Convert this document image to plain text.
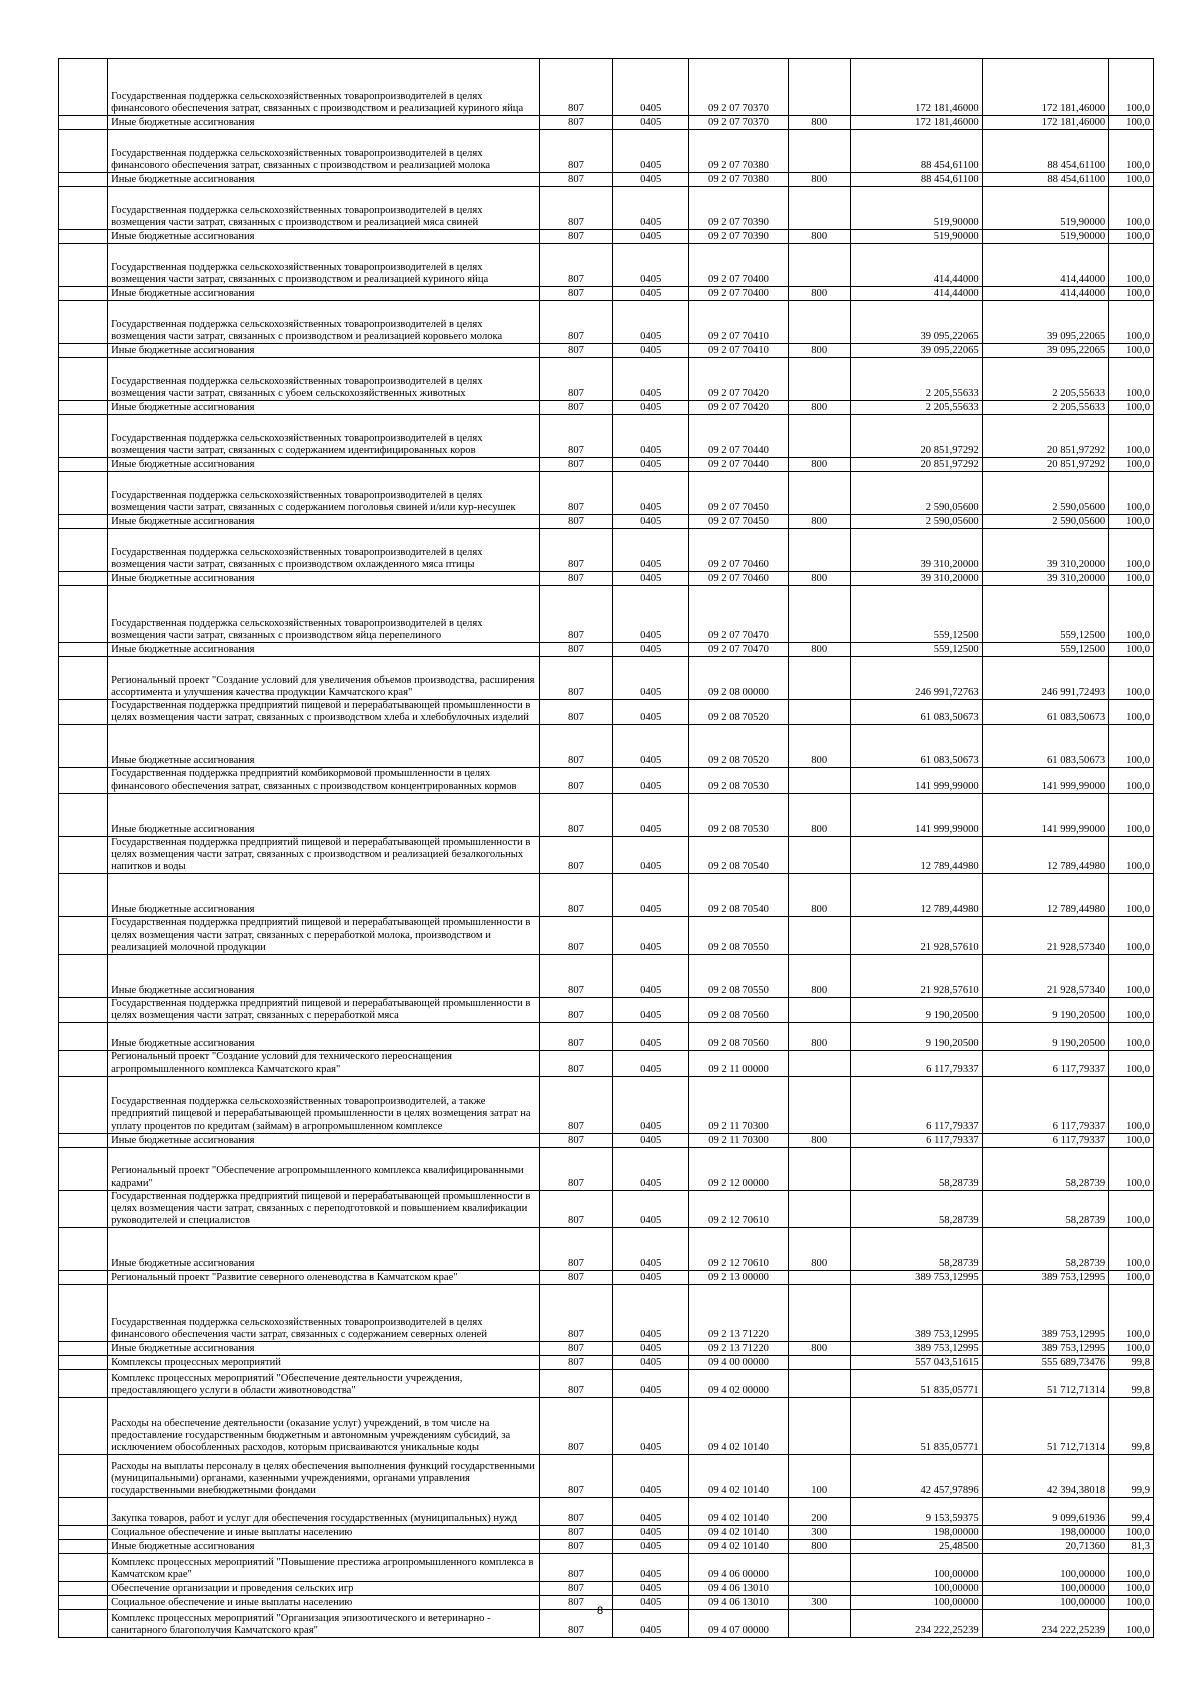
	Государственная поддержка сельскохозяйственных товаропроизводителей в целях финансового обеспечения затрат, связанных с производством и реализацией куриного яйца	807	0405	09 2 07 70370		172 181,46000	172 181,46000	100,0
	Иные бюджетные ассигнования	807	0405	09 2 07 70370	800	172 181,46000	172 181,46000	100,0
	Государственная поддержка сельскохозяйственных товаропроизводителей в целях финансового обеспечения затрат, связанных с производством и реализацией молока	807	0405	09 2 07 70380		88 454,61100	88 454,61100	100,0
	Иные бюджетные ассигнования	807	0405	09 2 07 70380	800	88 454,61100	88 454,61100	100,0
	Государственная поддержка сельскохозяйственных товаропроизводителей в целях возмещения части затрат, связанных с производством и реализацией мяса свиней	807	0405	09 2 07 70390		519,90000	519,90000	100,0
	Иные бюджетные ассигнования	807	0405	09 2 07 70390	800	519,90000	519,90000	100,0
	Государственная поддержка сельскохозяйственных товаропроизводителей в целях возмещения части затрат, связанных с производством и реализацией куриного яйца	807	0405	09 2 07 70400		414,44000	414,44000	100,0
	Иные бюджетные ассигнования	807	0405	09 2 07 70400	800	414,44000	414,44000	100,0
	Государственная поддержка сельскохозяйственных товаропроизводителей в целях возмещения части затрат, связанных с производством и реализацией коровьего молока	807	0405	09 2 07 70410		39 095,22065	39 095,22065	100,0
	Иные бюджетные ассигнования	807	0405	09 2 07 70410	800	39 095,22065	39 095,22065	100,0
	Государственная поддержка сельскохозяйственных товаропроизводителей в целях возмещения части затрат, связанных с убоем сельскохозяйственных животных	807	0405	09 2 07 70420		2 205,55633	2 205,55633	100,0
	Иные бюджетные ассигнования	807	0405	09 2 07 70420	800	2 205,55633	2 205,55633	100,0
	Государственная поддержка сельскохозяйственных товаропроизводителей в целях возмещения части затрат, связанных с содержанием идентифицированных коров	807	0405	09 2 07 70440		20 851,97292	20 851,97292	100,0
	Иные бюджетные ассигнования	807	0405	09 2 07 70440	800	20 851,97292	20 851,97292	100,0
	Государственная поддержка сельскохозяйственных товаропроизводителей в целях возмещения части затрат, связанных с содержанием поголовья свиней и/или кур-несушек	807	0405	09 2 07 70450		2 590,05600	2 590,05600	100,0
	Иные бюджетные ассигнования	807	0405	09 2 07 70450	800	2 590,05600	2 590,05600	100,0
	Государственная поддержка сельскохозяйственных товаропроизводителей в целях возмещения части затрат, связанных с производством охлажденного мяса птицы	807	0405	09 2 07 70460		39 310,20000	39 310,20000	100,0
	Иные бюджетные ассигнования	807	0405	09 2 07 70460	800	39 310,20000	39 310,20000	100,0
	Государственная поддержка сельскохозяйственных товаропроизводителей в целях возмещения части затрат, связанных с производством яйца перепелиного	807	0405	09 2 07 70470		559,12500	559,12500	100,0
	Иные бюджетные ассигнования	807	0405	09 2 07 70470	800	559,12500	559,12500	100,0
	Региональный проект "Создание условий для увеличения объемов производства, расширения ассортимента и улучшения качества продукции Камчатского края"	807	0405	09 2 08 00000		246 991,72763	246 991,72493	100,0
	Государственная поддержка предприятий пищевой и перерабатывающей промышленности в целях возмещения части затрат, связанных с производством хлеба и хлебобулочных изделий	807	0405	09 2 08 70520		61 083,50673	61 083,50673	100,0
	Иные бюджетные ассигнования	807	0405	09 2 08 70520	800	61 083,50673	61 083,50673	100,0
	Государственная поддержка предприятий комбикормовой промышленности в целях финансового обеспечения затрат, связанных с производством концентрированных кормов	807	0405	09 2 08 70530		141 999,99000	141 999,99000	100,0
	Иные бюджетные ассигнования	807	0405	09 2 08 70530	800	141 999,99000	141 999,99000	100,0
	Государственная поддержка предприятий пищевой и перерабатывающей промышленности в целях возмещения части затрат, связанных с производством и реализацией безалкогольных напитков и воды	807	0405	09 2 08 70540		12 789,44980	12 789,44980	100,0
	Иные бюджетные ассигнования	807	0405	09 2 08 70540	800	12 789,44980	12 789,44980	100,0
	Государственная поддержка предприятий пищевой и перерабатывающей промышленности в целях возмещения части затрат, связанных с переработкой молока, производством и реализацией молочной продукции	807	0405	09 2 08 70550		21 928,57610	21 928,57340	100,0
	Иные бюджетные ассигнования	807	0405	09 2 08 70550	800	21 928,57610	21 928,57340	100,0
	Государственная поддержка предприятий пищевой и перерабатывающей промышленности в целях возмещения части затрат, связанных с переработкой мяса	807	0405	09 2 08 70560		9 190,20500	9 190,20500	100,0
	Иные бюджетные ассигнования	807	0405	09 2 08 70560	800	9 190,20500	9 190,20500	100,0
	Региональный проект "Создание условий для технического переоснащения агропромышленного комплекса Камчатского края"	807	0405	09 2 11 00000		6 117,79337	6 117,79337	100,0
	Государственная поддержка сельскохозяйственных товаропроизводителей, а также предприятий пищевой и перерабатывающей промышленности в целях возмещения затрат на уплату процентов по кредитам (займам) в агропромышленном комплексе	807	0405	09 2 11 70300		6 117,79337	6 117,79337	100,0
	Иные бюджетные ассигнования	807	0405	09 2 11 70300	800	6 117,79337	6 117,79337	100,0
	Региональный проект "Обеспечение агропромышленного комплекса квалифицированными кадрами"	807	0405	09 2 12 00000		58,28739	58,28739	100,0
	Государственная поддержка предприятий пищевой и перерабатывающей промышленности в целях возмещения части затрат, связанных с переподготовкой и повышением квалификации руководителей и специалистов	807	0405	09 2 12 70610		58,28739	58,28739	100,0
	Иные бюджетные ассигнования	807	0405	09 2 12 70610	800	58,28739	58,28739	100,0
	Региональный проект "Развитие северного оленеводства в Камчатском крае"	807	0405	09 2 13 00000		389 753,12995	389 753,12995	100,0
	Государственная поддержка сельскохозяйственных товаропроизводителей в целях финансового обеспечения части затрат, связанных с содержанием северных оленей	807	0405	09 2 13 71220		389 753,12995	389 753,12995	100,0
	Иные бюджетные ассигнования	807	0405	09 2 13 71220	800	389 753,12995	389 753,12995	100,0
	Комплексы процессных мероприятий	807	0405	09 4 00 00000		557 043,51615	555 689,73476	99,8
	Комплекс процессных мероприятий "Обеспечение деятельности учреждения, предоставляющего услуги в области животноводства"	807	0405	09 4 02 00000		51 835,05771	51 712,71314	99,8
	Расходы на обеспечение деятельности (оказание услуг) учреждений, в том числе на предоставление государственным бюджетным и автономным учреждениям субсидий, за исключением обособленных расходов, которым присваиваются уникальные коды	807	0405	09 4 02 10140		51 835,05771	51 712,71314	99,8
	Расходы на выплаты персоналу в целях обеспечения выполнения функций государственными (муниципальными) органами, казенными учреждениями, органами управления государственными внебюджетными фондами	807	0405	09 4 02 10140	100	42 457,97896	42 394,38018	99,9
	Закупка товаров, работ и услуг для обеспечения государственных (муниципальных) нужд	807	0405	09 4 02 10140	200	9 153,59375	9 099,61936	99,4
	Социальное обеспечение и иные выплаты населению	807	0405	09 4 02 10140	300	198,00000	198,00000	100,0
	Иные бюджетные ассигнования	807	0405	09 4 02 10140	800	25,48500	20,71360	81,3
	Комплекс процессных мероприятий "Повышение престижа агропромышленного комплекса в Камчатском крае"	807	0405	09 4 06 00000		100,00000	100,00000	100,0
	Обеспечение организации и проведения сельских игр	807	0405	09 4 06 13010		100,00000	100,00000	100,0
	Социальное обеспечение и иные выплаты населению	807	0405	09 4 06 13010	300	100,00000	100,00000	100,0
	Комплекс процессных мероприятий "Организация эпизоотического и ветеринарно - санитарного благополучия Камчатского края"	807	0405	09 4 07 00000		234 222,25239	234 222,25239	100,0
8
